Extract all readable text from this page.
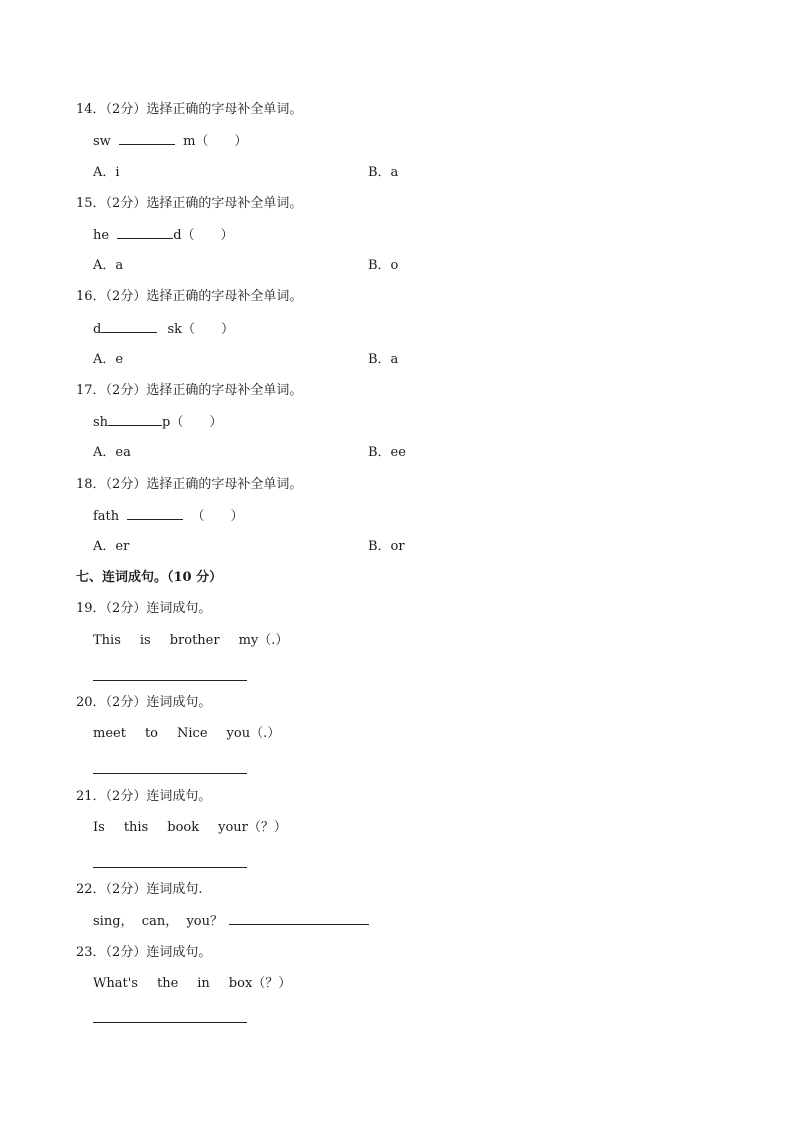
14．（2分）选择正确的字母补全单词。
sw	m（　　）
A．i	B．a
15．（2分）选择正确的字母补全单词。
he	d（　　）
A．a	B．o
16．（2分）选择正确的字母补全单词。
d	sk（　　）
A．e	B．a
17．（2分）选择正确的字母补全单词。
sh	p（　　）
A．ea	B．ee
18．（2分）选择正确的字母补全单词。
fath	（　　）
A．er	B．or
七、连词成句。（10 分）
19．（2分）连词成句。
This is brother my（.）
20．（2分）连词成句。
meet to Nice you（.）
21．（2分）连词成句。
Is this book your（？）
22．（2分）连词成句.
sing，  can，  you？
23．（2分）连词成句。
What's the in box（？）
